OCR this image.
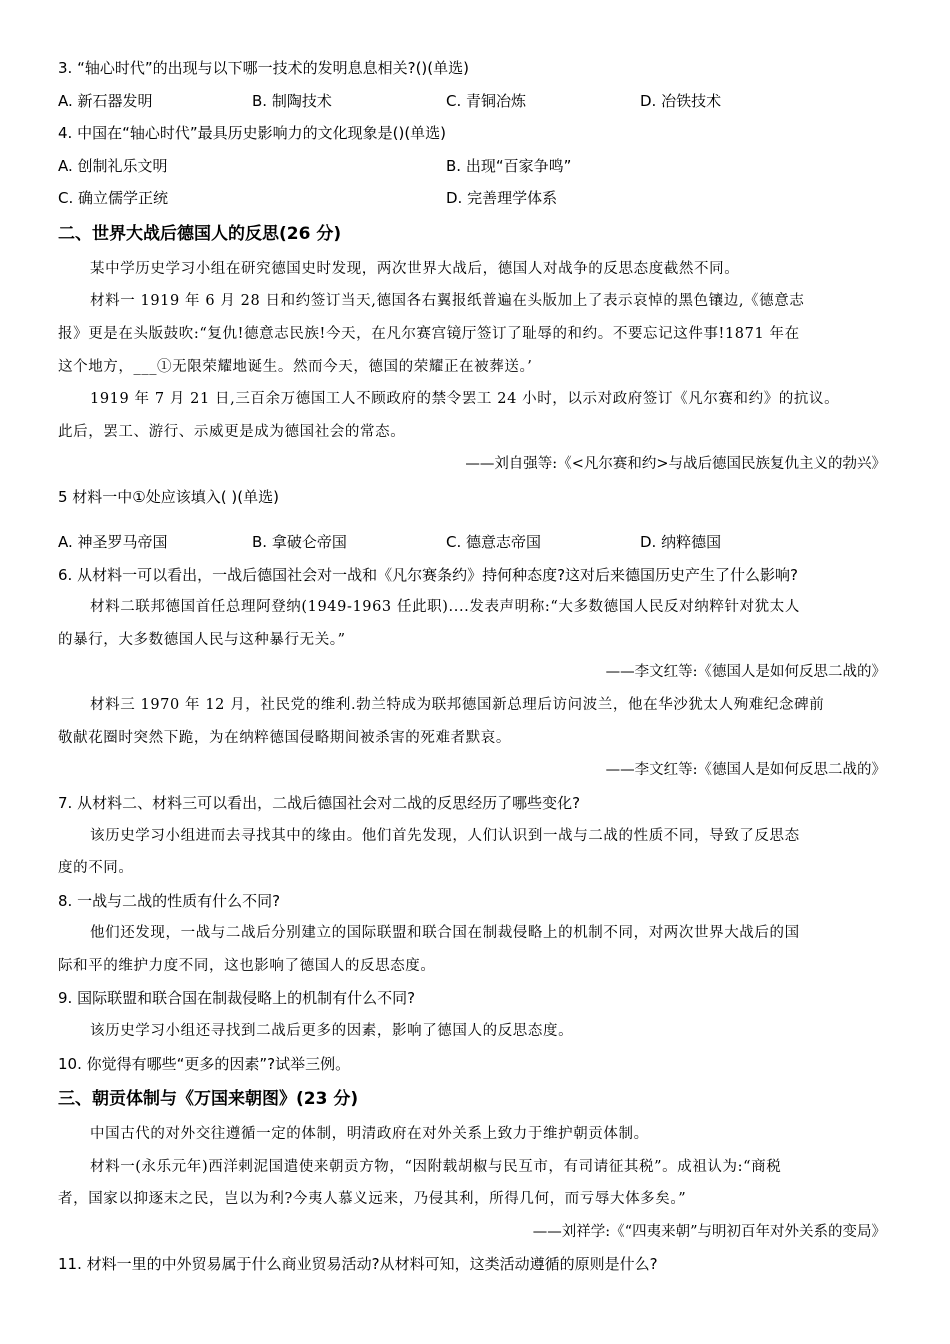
3. “轴心时代”的出现与以下哪一技术的发明息息相关?()(单选)
A. 新石器发明	B. 制陶技术	C. 青铜冶炼	D. 冶铁技术
4. 中国在“轴心时代”最具历史影响力的文化现象是()(单选)
A. 创制礼乐文明	B. 出现“百家争鸣”
C. 确立儒学正统	D. 完善理学体系
二、世界大战后德国人的反思(26 分)
某中学历史学习小组在研究德国史时发现，两次世界大战后，德国人对战争的反思态度截然不同。
材料一 1919 年 6 月 28 日和约签订当天,德国各右翼报纸普遍在头版加上了表示哀悼的黑色镶边,《德意志
报》更是在头版鼓吹:“复仇!德意志民族!今天，在凡尔赛宫镜厅签订了耻辱的和约。不要忘记这件事!1871 年在
这个地方，___①无限荣耀地诞生。然而今天，德国的荣耀正在被葬送。’
1919 年 7 月 21 日,三百余万德国工人不顾政府的禁令罢工 24 小时，以示对政府签订《凡尔赛和约》的抗议。
此后，罢工、游行、示威更是成为德国社会的常态。
——刘自强等:《<凡尔赛和约>与战后德国民族复仇主义的勃兴》
5 材料一中①处应该填入( )(单选)
A. 神圣罗马帝国	B. 拿破仑帝国	C. 德意志帝国	D. 纳粹德国
6. 从材料一可以看出，一战后德国社会对一战和《凡尔赛条约》持何种态度?这对后来德国历史产生了什么影响?
材料二联邦德国首任总理阿登纳(1949-1963 任此职)....发表声明称:“大多数德国人民反对纳粹针对犹太人
的暴行，大多数德国人民与这种暴行无关。”
——李文红等:《德国人是如何反思二战的》
材料三 1970 年 12 月，社民党的维利.勃兰特成为联邦德国新总理后访问波兰，他在华沙犹太人殉难纪念碑前
敬献花圈时突然下跪，为在纳粹德国侵略期间被杀害的死难者默哀。
——李文红等:《德国人是如何反思二战的》
7. 从材料二、材料三可以看出，二战后德国社会对二战的反思经历了哪些变化?
该历史学习小组进而去寻找其中的缘由。他们首先发现，人们认识到一战与二战的性质不同，导致了反思态
度的不同。
8. 一战与二战的性质有什么不同?
他们还发现，一战与二战后分别建立的国际联盟和联合国在制裁侵略上的机制不同，对两次世界大战后的国
际和平的维护力度不同，这也影响了德国人的反思态度。
9. 国际联盟和联合国在制裁侵略上的机制有什么不同?
该历史学习小组还寻找到二战后更多的因素，影响了德国人的反思态度。
10. 你觉得有哪些“更多的因素”?试举三例。
三、朝贡体制与《万国来朝图》(23 分)
中国古代的对外交往遵循一定的体制，明清政府在对外关系上致力于维护朝贡体制。
材料一(永乐元年)西洋剌泥国遣使来朝贡方物，“因附载胡椒与民互市，有司请征其税”。成祖认为:“商税
者，国家以抑逐末之民，岂以为利?今夷人慕义远来，乃侵其利，所得几何，而亏辱大体多矣。”
——刘祥学:《“四夷来朝”与明初百年对外关系的变局》
11. 材料一里的中外贸易属于什么商业贸易活动?从材料可知，这类活动遵循的原则是什么?
